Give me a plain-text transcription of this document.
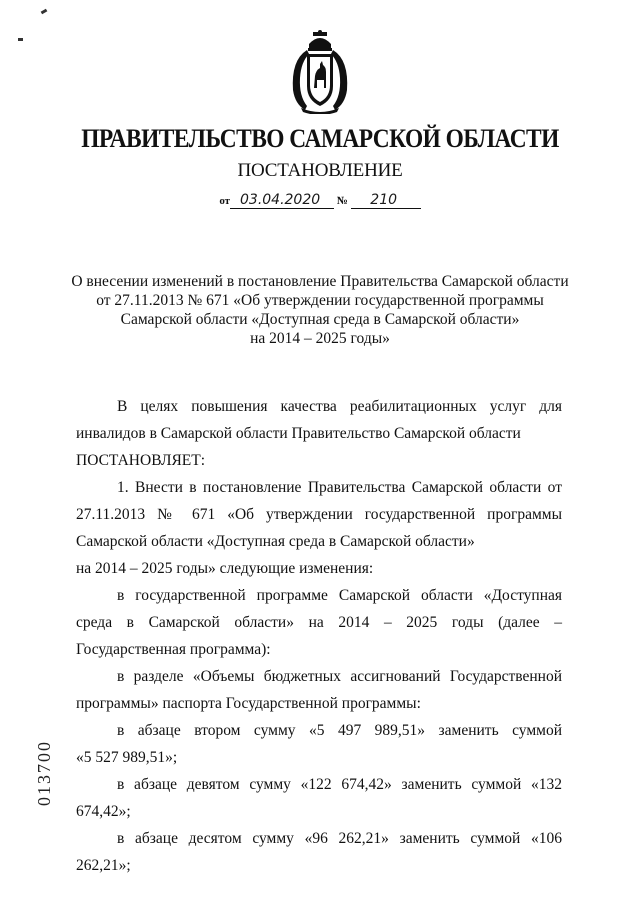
ПРАВИТЕЛЬСТВО САМАРСКОЙ ОБЛАСТИ
ПОСТАНОВЛЕНИЕ
от 03.04.2020 № 210
О внесении изменений в постановление Правительства Самарской области
от 27.11.2013 № 671 «Об утверждении государственной программы
Самарской области «Доступная среда в Самарской области»
на 2014 – 2025 годы»

В целях повышения качества реабилитационных услуг для инвалидов в Самарской области Правительство Самарской области

ПОСТАНОВЛЯЕТ:

1. Внести в постановление Правительства Самарской области от 27.11.2013 № 671 «Об утверждении государственной программы Самарской области «Доступная среда в Самарской области»

на 2014 – 2025 годы» следующие изменения:

в государственной программе Самарской области «Доступная среда в Самарской области» на 2014 – 2025 годы (далее – Государственная программа):

в разделе «Объемы бюджетных ассигнований Государственной программы» паспорта Государственной программы:

в абзаце втором сумму «5 497 989,51» заменить суммой

«5 527 989,51»;

в абзаце девятом сумму «122 674,42» заменить суммой «132 674,42»;

в абзаце десятом сумму «96 262,21» заменить суммой «106 262,21»;

013700
